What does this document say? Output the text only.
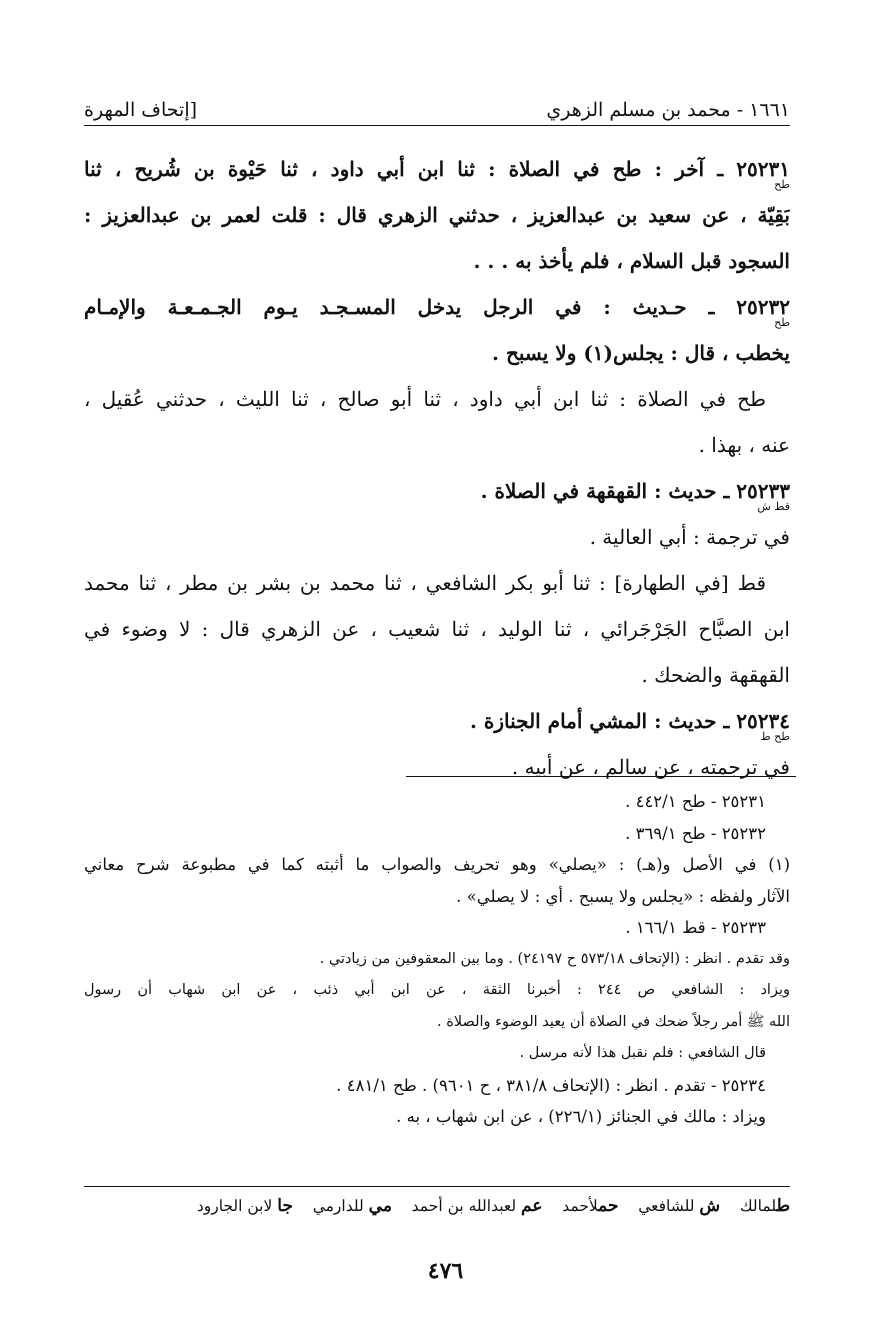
١٦٦١ - محمد بن مسلم الزهري
[إتحاف المهرة
٢٥٢٣١ ـ آخر : طح في الصلاة : ثنا ابن أبي داود ، ثنا حَيْوة بن شُريح ، ثنا
طح
بَقِيّة ، عن سعيد بن عبدالعزيز ، حدثني الزهري قال : قلت لعمر بن عبدالعزيز :
السجود قبل السلام ، فلم يأخذ به . . .
٢٥٢٣٢ ـ حـديث : في الرجل يدخل المسـجـد يـوم الجـمـعـة والإمـام
طح
يخطب ، قال : يجلس(١) ولا يسبح .
طح في الصلاة : ثنا ابن أبي داود ، ثنا أبو صالح ، ثنا الليث ، حدثني عُقيل ،
عنه ، بهذا .
٢٥٢٣٣ ـ حديث : القهقهة في الصلاة .
قط ش
في ترجمة : أبي العالية .
قط [في الطهارة] : ثنا أبو بكر الشافعي ، ثنا محمد بن بشر بن مطر ، ثنا محمد
ابن الصبَّاح الجَرْجَرائي ، ثنا الوليد ، ثنا شعيب ، عن الزهري قال : لا وضوء في
القهقهة والضحك .
٢٥٢٣٤ ـ حديث : المشي أمام الجنازة .
طح ط
في ترجمته ، عن سالم ، عن أبيه .
٢٥٢٣١ - طح ٤٤٢/١ .
٢٥٢٣٢ - طح ٣٦٩/١ .
(١) في الأصل و(هـ) : «يصلي» وهو تحريف والصواب ما أثبته كما في مطبوعة شرح معاني
الآثار ولفظه : «يجلس ولا يسبح . أي : لا يصلي» .
٢٥٢٣٣ - قط ١٦٦/١ .
وقد تقدم . انظر : (الإتحاف ٥٧٣/١٨ ح ٢٤١٩٧) . وما بين المعقوفين من زيادتي .
ويزاد : الشافعي ص ٢٤٤ : أخبرنا الثقة ، عن ابن أبي ذئب ، عن ابن شهاب أن رسول
الله ﷺ أمر رجلاً ضحك في الصلاة أن يعيد الوضوء والصلاة .
قال الشافعي : فلم نقبل هذا لأنه مرسل .
٢٥٢٣٤ - تقدم . انظر : (الإتحاف ٣٨١/٨ ، ح ٩٦٠١) . طح ٤٨١/١ .
ويزاد : مالك في الجنائز (٢٢٦/١) ، عن ابن شهاب ، به .
طلمالك    ش للشافعي    حملأحمد    عم لعبدالله بن أحمد    مي للدارمي    جا لابن الجارود
٤٧٦
